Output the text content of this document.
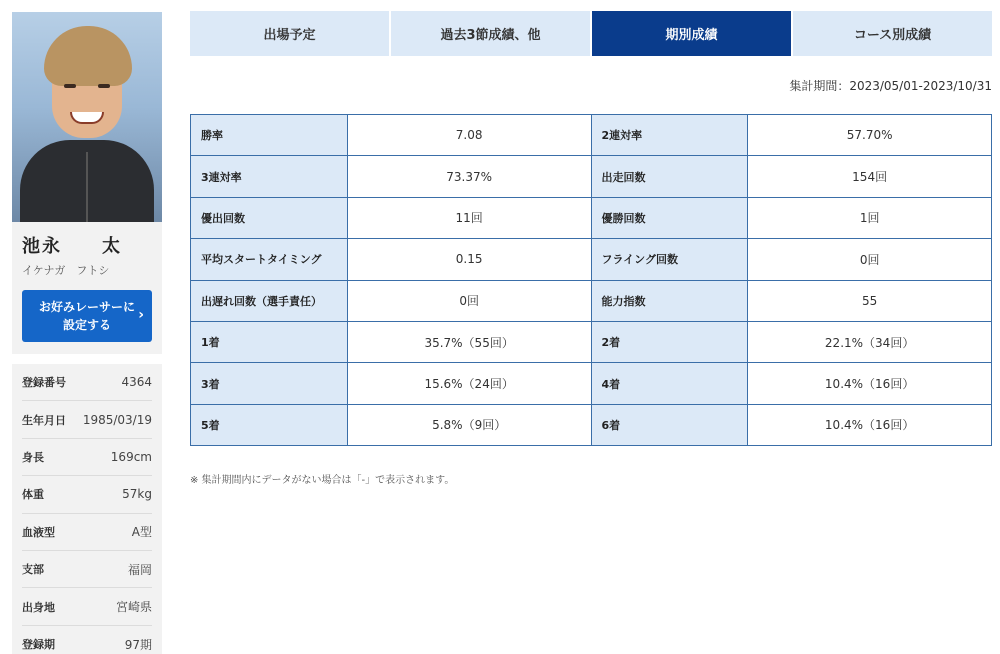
池永　　太
イケナガ　フトシ
お好みレーサーに設定する
›
登録番号	4364
生年月日 1985/03/19
身長	169cm
体重	57kg
血液型	A型
支部	福岡
出身地	宮崎県
登録期	97期
出場予定	過去3節成績、他	期別成績	コース別成績
集計期間：2023/05/01-2023/10/31
勝率	7.08	2連対率	57.70%
3連対率	73.37%	出走回数	154回
優出回数	11回	優勝回数	1回
平均スタートタイミング	0.15	フライング回数	0回
出遅れ回数（選手責任）	0回	能力指数	55
1着	35.7%（55回）	2着	22.1%（34回）
3着	15.6%（24回）	4着	10.4%（16回）
5着	5.8%（9回）	6着	10.4%（16回）
※ 集計期間内にデータがない場合は「-」で表示されます。
